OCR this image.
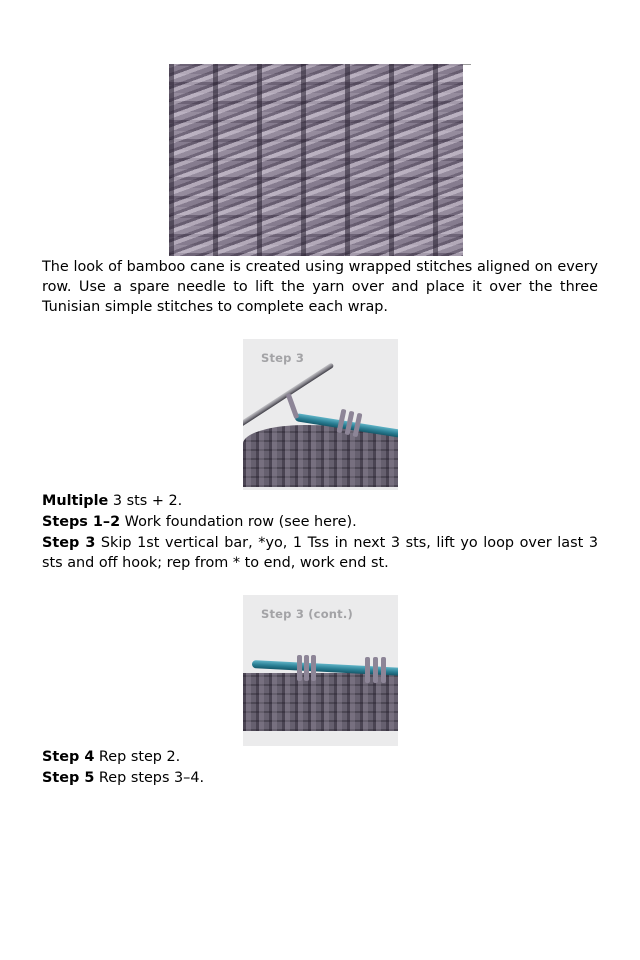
The look of bamboo cane is created using wrapped stitches aligned on every row. Use a spare needle to lift the yarn over and place it over the three Tunisian simple stitches to complete each wrap.

Step 3

Multiple 3 sts + 2.

Steps 1–2 Work foundation row (see here).

Step 3 Skip 1st vertical bar, *yo, 1 Tss in next 3 sts, lift yo loop over last 3 sts and off hook; rep from * to end, work end st.

Step 3 (cont.)

Step 4 Rep step 2.

Step 5 Rep steps 3–4.
